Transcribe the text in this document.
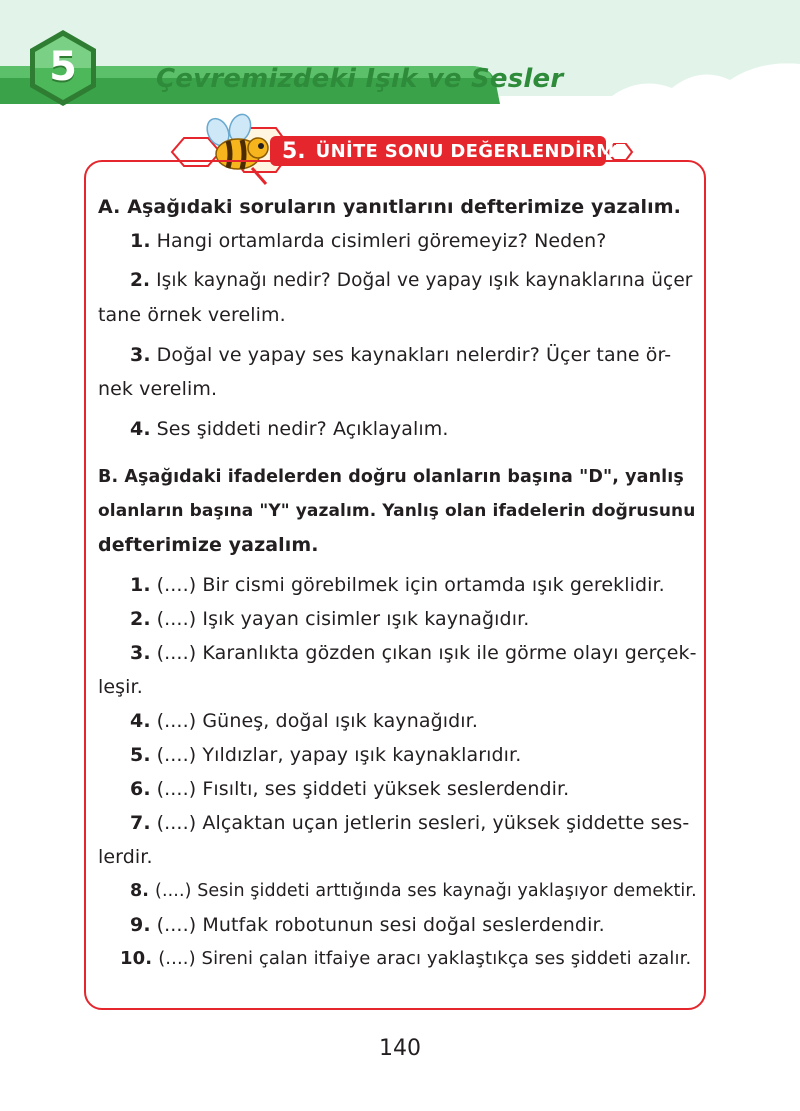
5	Çevremizdeki Işık ve Sesler
5. ÜNİTE SONU DEĞERLENDİRME
A. Aşağıdaki soruların yanıtlarını defterimize yazalım.
1. Hangi ortamlarda cisimleri göremeyiz? Neden?
2. Işık kaynağı nedir? Doğal ve yapay ışık kaynaklarına üçer
tane örnek verelim.
3. Doğal ve yapay ses kaynakları nelerdir? Üçer tane ör-
nek verelim.
4. Ses şiddeti nedir? Açıklayalım.
B. Aşağıdaki ifadelerden doğru olanların başına "D", yanlış
olanların başına "Y" yazalım. Yanlış olan ifadelerin doğrusunu
defterimize yazalım.
1. (....) Bir cismi görebilmek için ortamda ışık gereklidir.
2. (....) Işık yayan cisimler ışık kaynağıdır.
3. (....) Karanlıkta gözden çıkan ışık ile görme olayı gerçek-
leşir.
4. (....) Güneş, doğal ışık kaynağıdır.
5. (....) Yıldızlar, yapay ışık kaynaklarıdır.
6. (....) Fısıltı, ses şiddeti yüksek seslerdendir.
7. (....) Alçaktan uçan jetlerin sesleri, yüksek şiddette ses-
lerdir.
8. (....) Sesin şiddeti arttığında ses kaynağı yaklaşıyor demektir.
9. (....) Mutfak robotunun sesi doğal seslerdendir.
10. (....) Sireni çalan itfaiye aracı yaklaştıkça ses şiddeti azalır.
140
